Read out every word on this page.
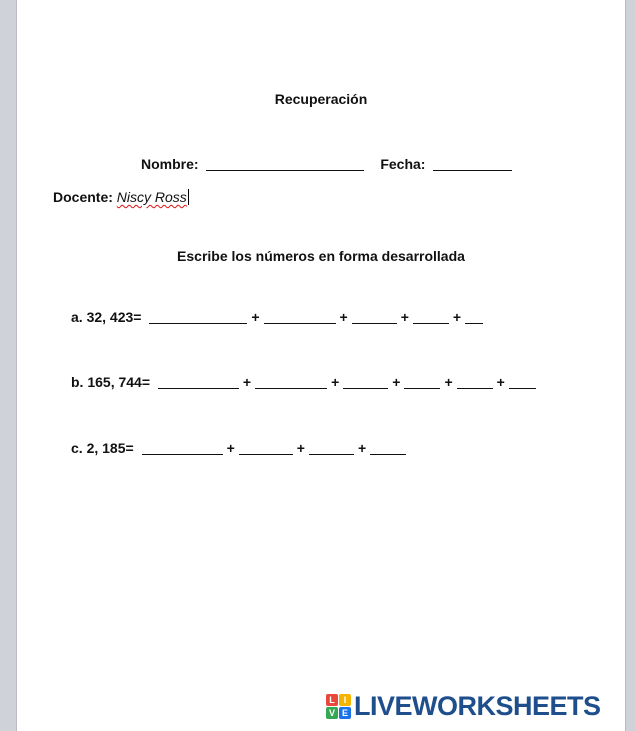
Recuperación
Nombre:	Fecha:
Docente: Niscy Ross
Escribe los números en forma desarrollada
a. 32, 423=	+	+	+	+
b. 165, 744=	+	+	+	+	+
c. 2, 185=	+	+	+
L I
V E LIVEWORKSHEETS
